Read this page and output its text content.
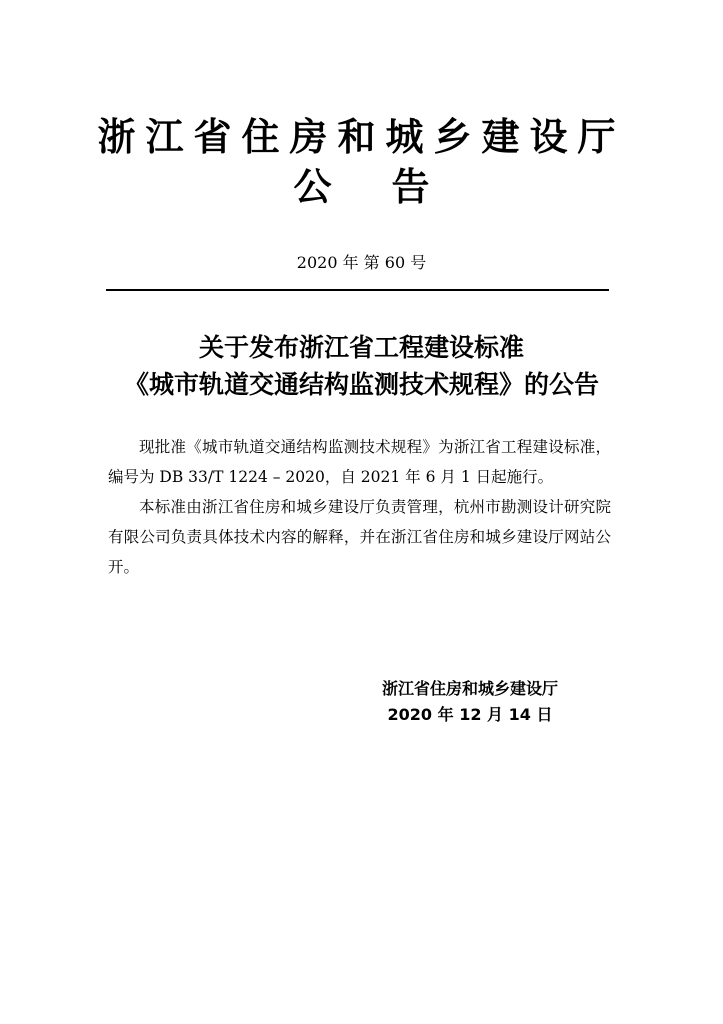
浙江省住房和城乡建设厅
公告
2020 年 第 60 号
关于发布浙江省工程建设标准
《城市轨道交通结构监测技术规程》的公告

现批准《城市轨道交通结构监测技术规程》为浙江省工程建设标准，编号为 DB 33/T 1224 – 2020，自 2021 年 6 月 1 日起施行。

本标准由浙江省住房和城乡建设厅负责管理，杭州市勘测设计研究院有限公司负责具体技术内容的解释，并在浙江省住房和城乡建设厅网站公开。

浙江省住房和城乡建设厅
2020 年 12 月 14 日
